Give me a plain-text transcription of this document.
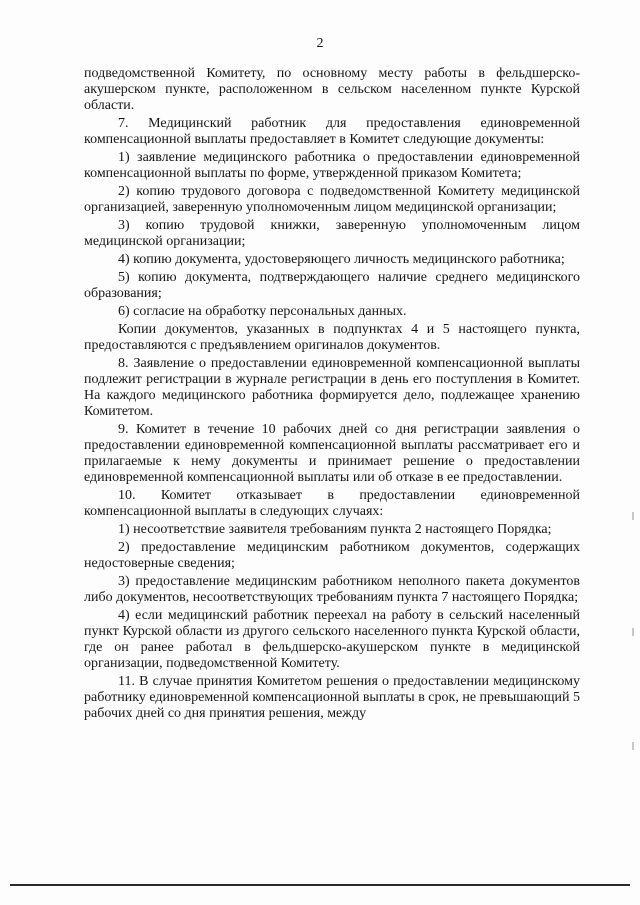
2

подведомственной Комитету, по основному месту работы в фельдшерско-акушерском пункте, расположенном в сельском населенном пункте Курской области.

7. Медицинский работник для предоставления единовременной компенсационной выплаты предоставляет в Комитет следующие документы:

1) заявление медицинского работника о предоставлении единовременной компенсационной выплаты по форме, утвержденной приказом Комитета;

2) копию трудового договора с подведомственной Комитету медицинской организацией, заверенную уполномоченным лицом медицинской организации;

3) копию трудовой книжки, заверенную уполномоченным лицом медицинской организации;

4) копию документа, удостоверяющего личность медицинского работника;

5) копию документа, подтверждающего наличие среднего медицинского образования;

6) согласие на обработку персональных данных.

Копии документов, указанных в подпунктах 4 и 5 настоящего пункта, предоставляются с предъявлением оригиналов документов.

8. Заявление о предоставлении единовременной компенсационной выплаты подлежит регистрации в журнале регистрации в день его поступления в Комитет. На каждого медицинского работника формируется дело, подлежащее хранению Комитетом.

9. Комитет в течение 10 рабочих дней со дня регистрации заявления о предоставлении единовременной компенсационной выплаты рассматривает его и прилагаемые к нему документы и принимает решение о предоставлении единовременной компенсационной выплаты или об отказе в ее предоставлении.

10. Комитет отказывает в предоставлении единовременной компенсационной выплаты в следующих случаях:

1) несоответствие заявителя требованиям пункта 2 настоящего Порядка;

2) предоставление медицинским работником документов, содержащих недостоверные сведения;

3) предоставление медицинским работником неполного пакета документов либо документов, несоответствующих требованиям пункта 7 настоящего Порядка;

4) если медицинский работник переехал на работу в сельский населенный пункт Курской области из другого сельского населенного пункта Курской области, где он ранее работал в фельдшерско-акушерском пункте в медицинской организации, подведомственной Комитету.

11. В случае принятия Комитетом решения о предоставлении медицинскому работнику единовременной компенсационной выплаты в срок, не превышающий 5 рабочих дней со дня принятия решения, между
